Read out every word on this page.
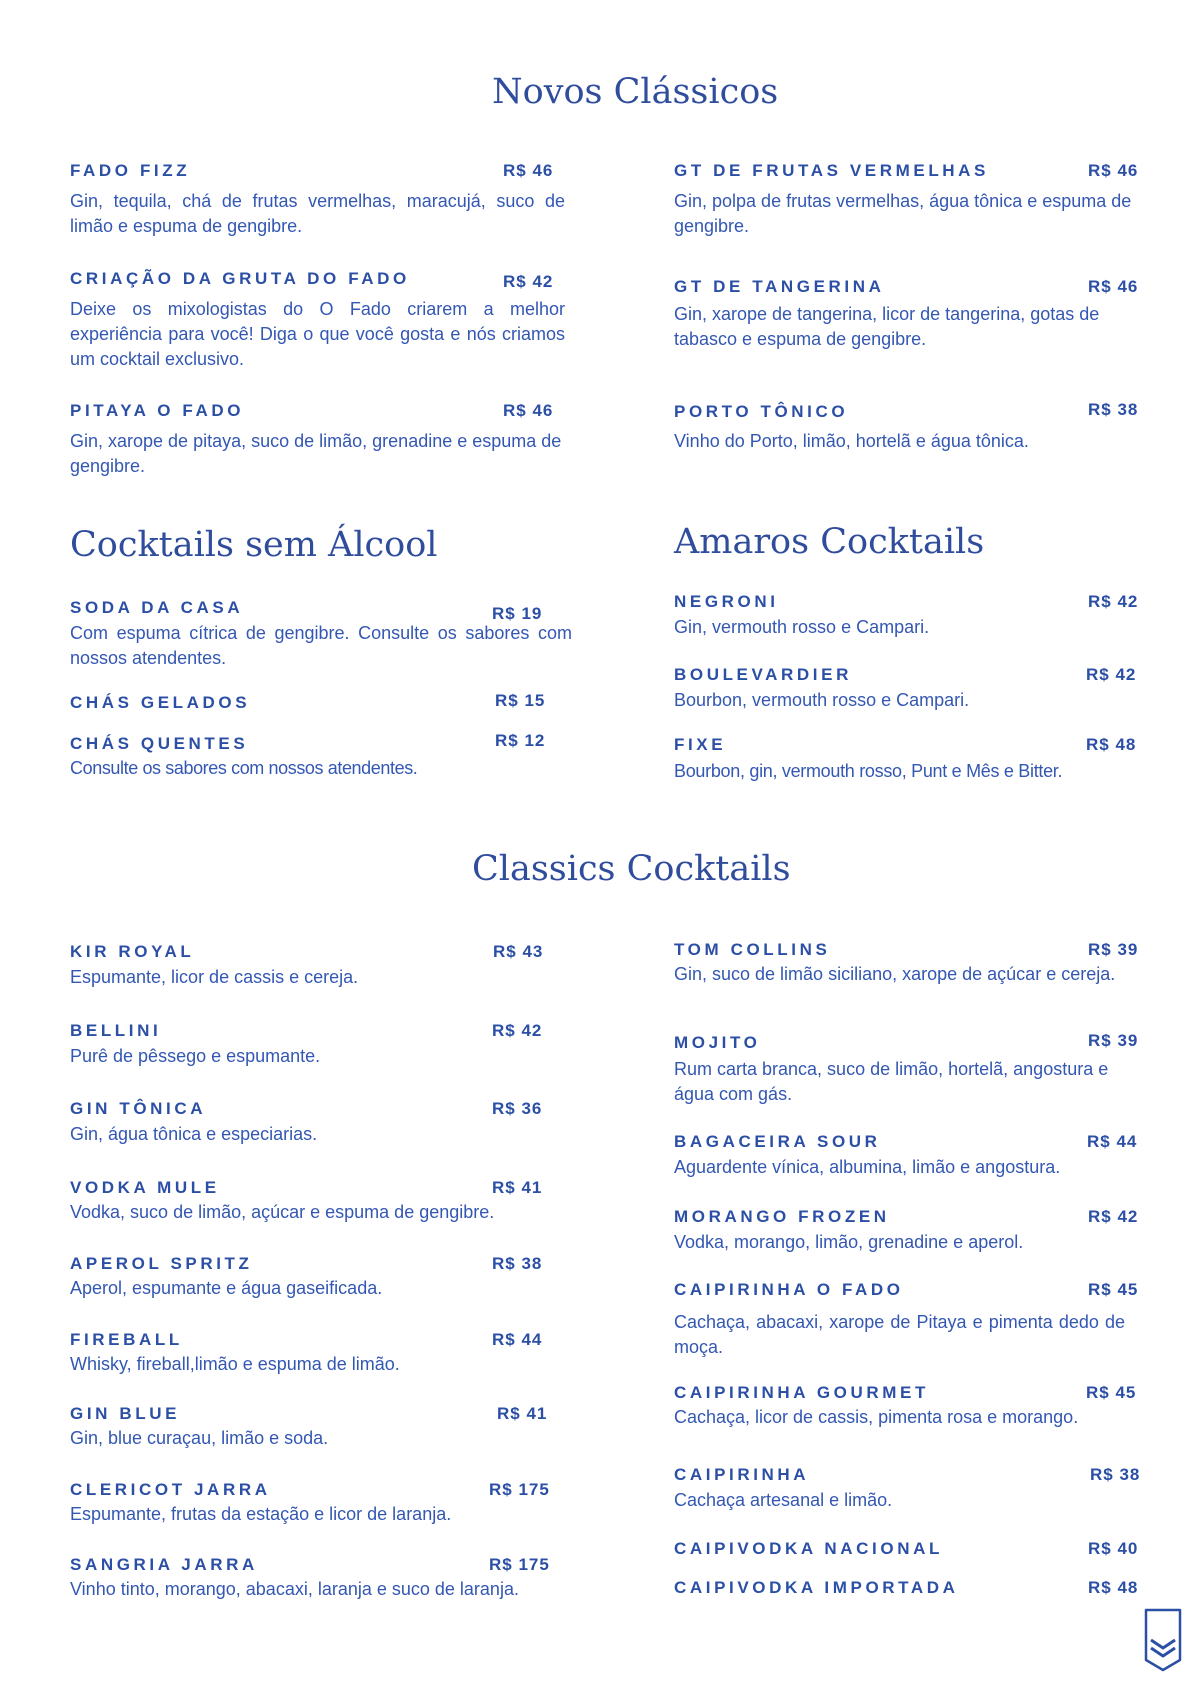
Novos Clássicos
FADO FIZZ	R$ 46

Gin, tequila, chá de frutas vermelhas, maracujá, suco de limão e espuma de gengibre.

CRIAÇÃO DA GRUTA DO FADO	R$ 42

Deixe os mixologistas do O Fado criarem a melhor experiência para você! Diga o que você gosta e nós criamos um cocktail exclusivo.

PITAYA O FADO	R$ 46

Gin, xarope de pitaya, suco de limão, grenadine e espuma de gengibre.

GT DE FRUTAS VERMELHAS	R$ 46

Gin, polpa de frutas vermelhas, água tônica e espuma de gengibre.

GT DE TANGERINA	R$ 46

Gin, xarope de tangerina, licor de tangerina, gotas de tabasco e espuma de gengibre.

PORTO TÔNICO	R$ 38

Vinho do Porto, limão, hortelã e água tônica.

Cocktails sem Álcool
SODA DA CASA	R$ 19

Com espuma cítrica de gengibre. Consulte os sabores com nossos atendentes.

CHÁS GELADOS	R$ 15
CHÁS QUENTES	R$ 12

Consulte os sabores com nossos atendentes.

Amaros Cocktails
NEGRONI	R$ 42

Gin, vermouth rosso e Campari.

BOULEVARDIER	R$ 42

Bourbon, vermouth rosso e Campari.

FIXE	R$ 48

Bourbon, gin, vermouth rosso, Punt e Mês e Bitter.

Classics Cocktails
KIR ROYAL	R$ 43

Espumante, licor de cassis e cereja.

BELLINI	R$ 42

Purê de pêssego e espumante.

GIN TÔNICA	R$ 36

Gin, água tônica e especiarias.

VODKA MULE	R$ 41

Vodka, suco de limão, açúcar e espuma de gengibre.

APEROL SPRITZ	R$ 38

Aperol, espumante e água gaseificada.

FIREBALL	R$ 44

Whisky, fireball,limão e espuma de limão.

GIN BLUE	R$ 41

Gin, blue curaçau, limão e soda.

CLERICOT JARRA	R$ 175

Espumante, frutas da estação e licor de laranja.

SANGRIA JARRA	R$ 175

Vinho tinto, morango, abacaxi, laranja e suco de laranja.

TOM COLLINS	R$ 39

Gin, suco de limão siciliano, xarope de açúcar e cereja.

MOJITO	R$ 39

Rum carta branca, suco de limão, hortelã, angostura e água com gás.

BAGACEIRA SOUR	R$ 44

Aguardente vínica, albumina, limão e angostura.

MORANGO FROZEN	R$ 42

Vodka, morango, limão, grenadine e aperol.

CAIPIRINHA O FADO	R$ 45

Cachaça, abacaxi, xarope de Pitaya e pimenta dedo de moça.

CAIPIRINHA GOURMET	R$ 45

Cachaça, licor de cassis, pimenta rosa e morango.

CAIPIRINHA	R$ 38

Cachaça artesanal e limão.

CAIPIVODKA NACIONAL	R$ 40
CAIPIVODKA IMPORTADA	R$ 48
